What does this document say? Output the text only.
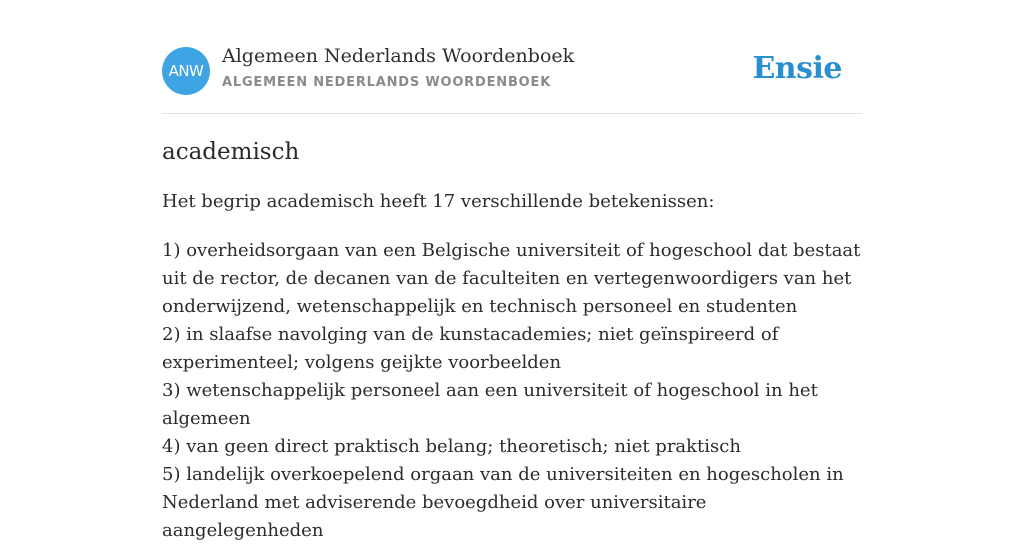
ANW
Algemeen Nederlands Woordenboek
ALGEMEEN NEDERLANDS WOORDENBOEK	Ensie
academisch

Het begrip academisch heeft 17 verschillende betekenissen:

1) overheidsorgaan van een Belgische universiteit of hogeschool dat bestaat uit de rector, de decanen van de faculteiten en vertegenwoordigers van het onderwijzend, wetenschappelijk en technisch personeel en studenten
2) in slaafse navolging van de kunstacademies; niet geïnspireerd of experimenteel; volgens geijkte voorbeelden
3) wetenschappelijk personeel aan een universiteit of hogeschool in het algemeen
4) van geen direct praktisch belang; theoretisch; niet praktisch
5) landelijk overkoepelend orgaan van de universiteiten en hogescholen in Nederland met adviserende bevoegdheid over universitaire aangelegenheden
